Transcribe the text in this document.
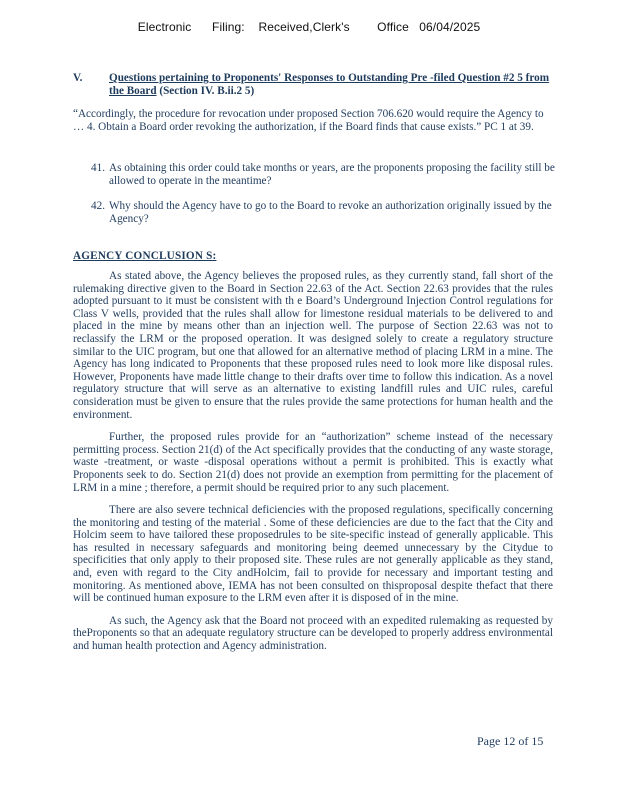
Electronic      Filing:    Received,Clerk's        Office   06/04/2025
V.	Questions pertaining to Proponents' Responses to Outstanding Pre -filed Question #2 5 from the Board (Section IV. B.ii.2 5)
“Accordingly, the procedure for revocation under proposed Section 706.620 would require the Agency to … 4. Obtain a Board order revoking the authorization, if the Board finds that cause exists.” PC 1 at 39.
41. As obtaining this order could take months or years, are the proponents proposing the facility still be allowed to operate in the meantime?
42. Why should the Agency have to go to the Board to revoke an authorization originally issued by the Agency?
AGENCY CONCLUSION S:

As stated above, the Agency believes the proposed rules, as they currently stand, fall short of the rulemaking directive given to the Board in Section 22.63 of the Act. Section 22.63 provides that the rules adopted pursuant to it must be consistent with th e Board’s Underground Injection Control regulations for Class V wells, provided that the rules shall allow for limestone residual materials to be delivered to and placed in the mine by means other than an injection well. The purpose of Section 22.63 was not to reclassify the LRM or the proposed operation. It was designed solely to create a regulatory structure similar to the UIC program, but one that allowed for an alternative method of placing LRM in a mine. The Agency has long indicated to Proponents that these proposed rules need to look more like disposal rules. However, Proponents have made little change to their drafts over time to follow this indication. As a novel regulatory structure that will serve as an alternative to existing landfill rules and UIC rules, careful consideration must be given to ensure that the rules provide the same protections for human health and the environment.

Further, the proposed rules provide for an “authorization” scheme instead of the necessary permitting process. Section 21(d) of the Act specifically provides that the conducting of any waste storage, waste -treatment, or waste -disposal operations without a permit is prohibited. This is exactly what Proponents seek to do. Section 21(d) does not provide an exemption from permitting for the placement of LRM in a mine ; therefore, a permit should be required prior to any such placement.

There are also severe technical deficiencies with the proposed regulations, specifically concerning the monitoring and testing of the material . Some of these deficiencies are due to the fact that the City and Holcim seem to have tailored these proposedrules to be site-specific instead of generally applicable. This has resulted in necessary safeguards and monitoring being deemed unnecessary by the Citydue to specificities that only apply to their proposed site. These rules are not generally applicable as they stand, and, even with regard to the City andHolcim, fail to provide for necessary and important testing and monitoring. As mentioned above, IEMA has not been consulted on thisproposal despite thefact that there will be continued human exposure to the LRM even after it is disposed of in the mine.

As such, the Agency ask that the Board not proceed with an expedited rulemaking as requested by theProponents so that an adequate regulatory structure can be developed to properly address environmental and human health protection and Agency administration.

Page 12 of 15
